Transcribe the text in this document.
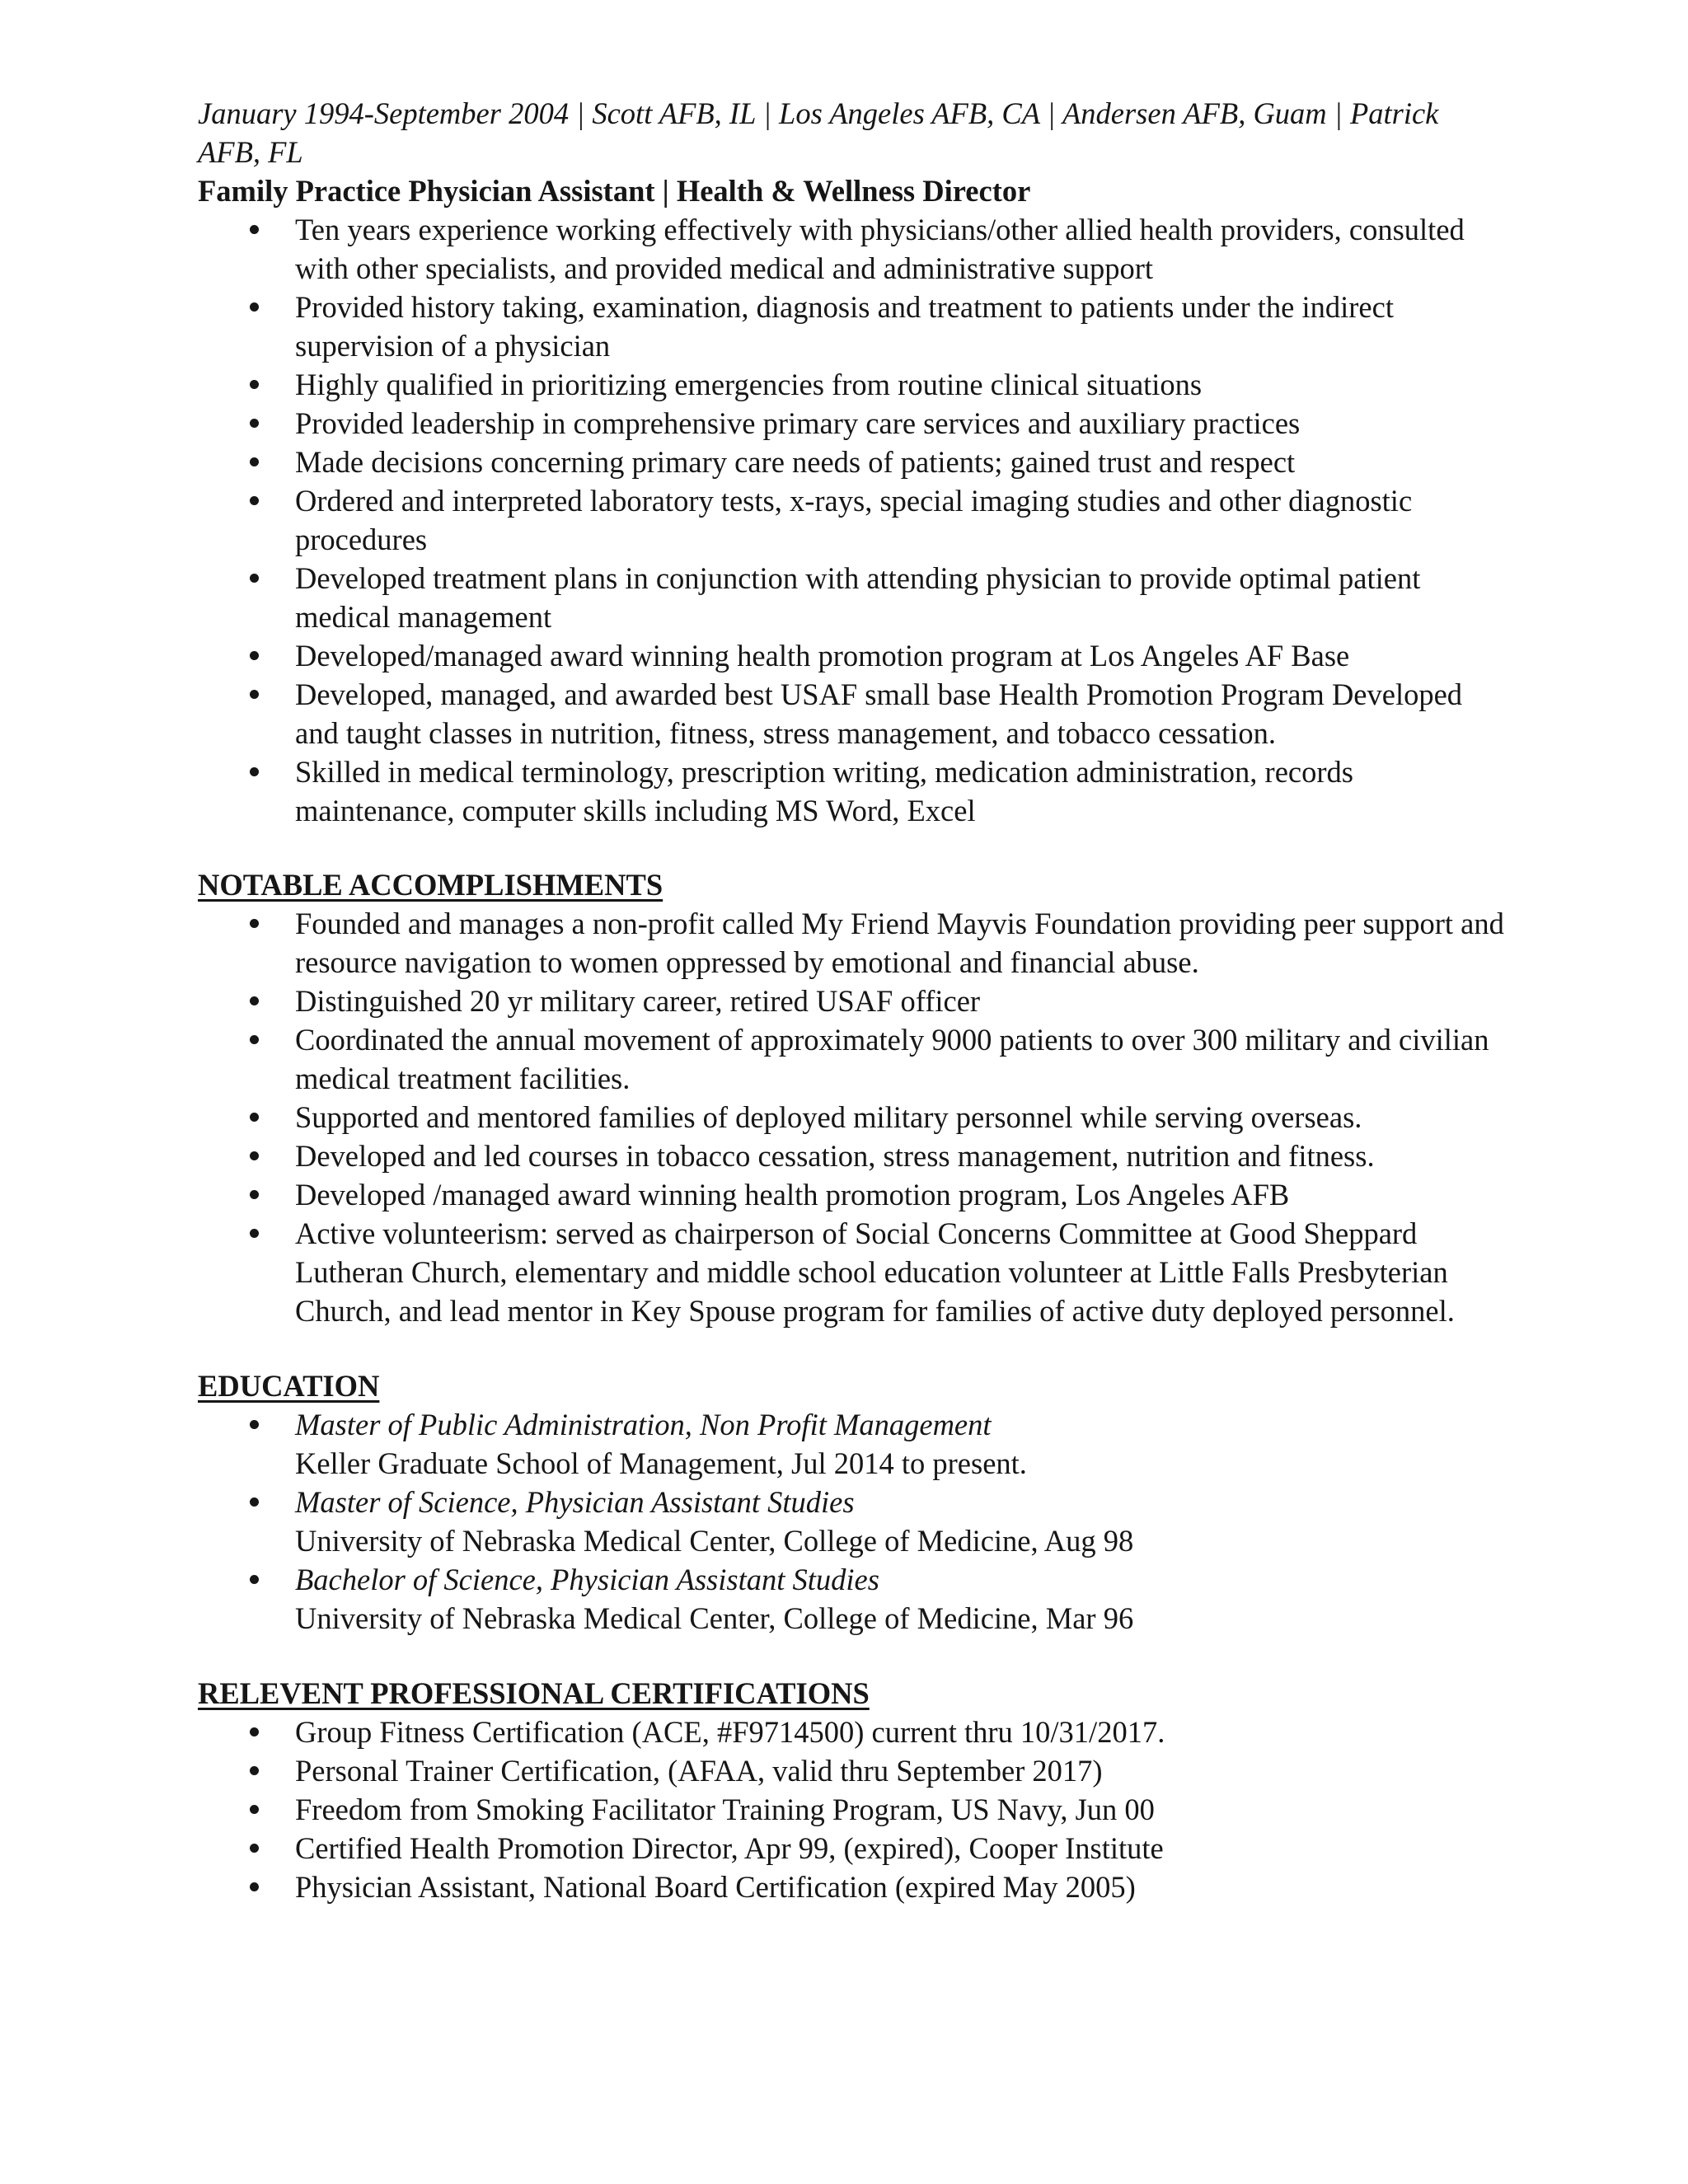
January 1994-September 2004 | Scott AFB, IL | Los Angeles AFB, CA | Andersen AFB, Guam | Patrick AFB, FL

Family Practice Physician Assistant | Health & Wellness Director

Ten years experience working effectively with physicians/other allied health providers, consulted with other specialists, and provided medical and administrative support
Provided history taking, examination, diagnosis and treatment to patients under the indirect supervision of a physician
Highly qualified in prioritizing emergencies from routine clinical situations
Provided leadership in comprehensive primary care services and auxiliary practices
Made decisions concerning primary care needs of patients; gained trust and respect
Ordered and interpreted laboratory tests, x-rays, special imaging studies and other diagnostic procedures
Developed treatment plans in conjunction with attending physician to provide optimal patient medical management
Developed/managed award winning health promotion program at Los Angeles AF Base
Developed, managed, and awarded best USAF small base Health Promotion Program Developed and taught classes in nutrition, fitness, stress management, and tobacco cessation.
Skilled in medical terminology, prescription writing, medication administration, records maintenance, computer skills including MS Word, Excel

NOTABLE ACCOMPLISHMENTS

Founded and manages a non-profit called My Friend Mayvis Foundation providing peer support and resource navigation to women oppressed by emotional and financial abuse.
Distinguished 20 yr military career, retired USAF officer
Coordinated the annual movement of approximately 9000 patients to over 300 military and civilian medical treatment facilities.
Supported and mentored families of deployed military personnel while serving overseas.
Developed and led courses in tobacco cessation, stress management, nutrition and fitness.
Developed /managed award winning health promotion program, Los Angeles AFB
Active volunteerism: served as chairperson of Social Concerns Committee at Good Sheppard Lutheran Church, elementary and middle school education volunteer at Little Falls Presbyterian Church, and lead mentor in Key Spouse program for families of active duty deployed personnel.

EDUCATION

Master of Public Administration, Non Profit Management
Keller Graduate School of Management, Jul 2014 to present.
Master of Science, Physician Assistant Studies
University of Nebraska Medical Center, College of Medicine, Aug 98
Bachelor of Science, Physician Assistant Studies
University of Nebraska Medical Center, College of Medicine, Mar 96

RELEVENT PROFESSIONAL CERTIFICATIONS

Group Fitness Certification (ACE, #F9714500) current thru 10/31/2017.
Personal Trainer Certification, (AFAA, valid thru September 2017)
Freedom from Smoking Facilitator Training Program, US Navy, Jun 00
Certified Health Promotion Director, Apr 99, (expired), Cooper Institute
Physician Assistant, National Board Certification (expired May 2005)
